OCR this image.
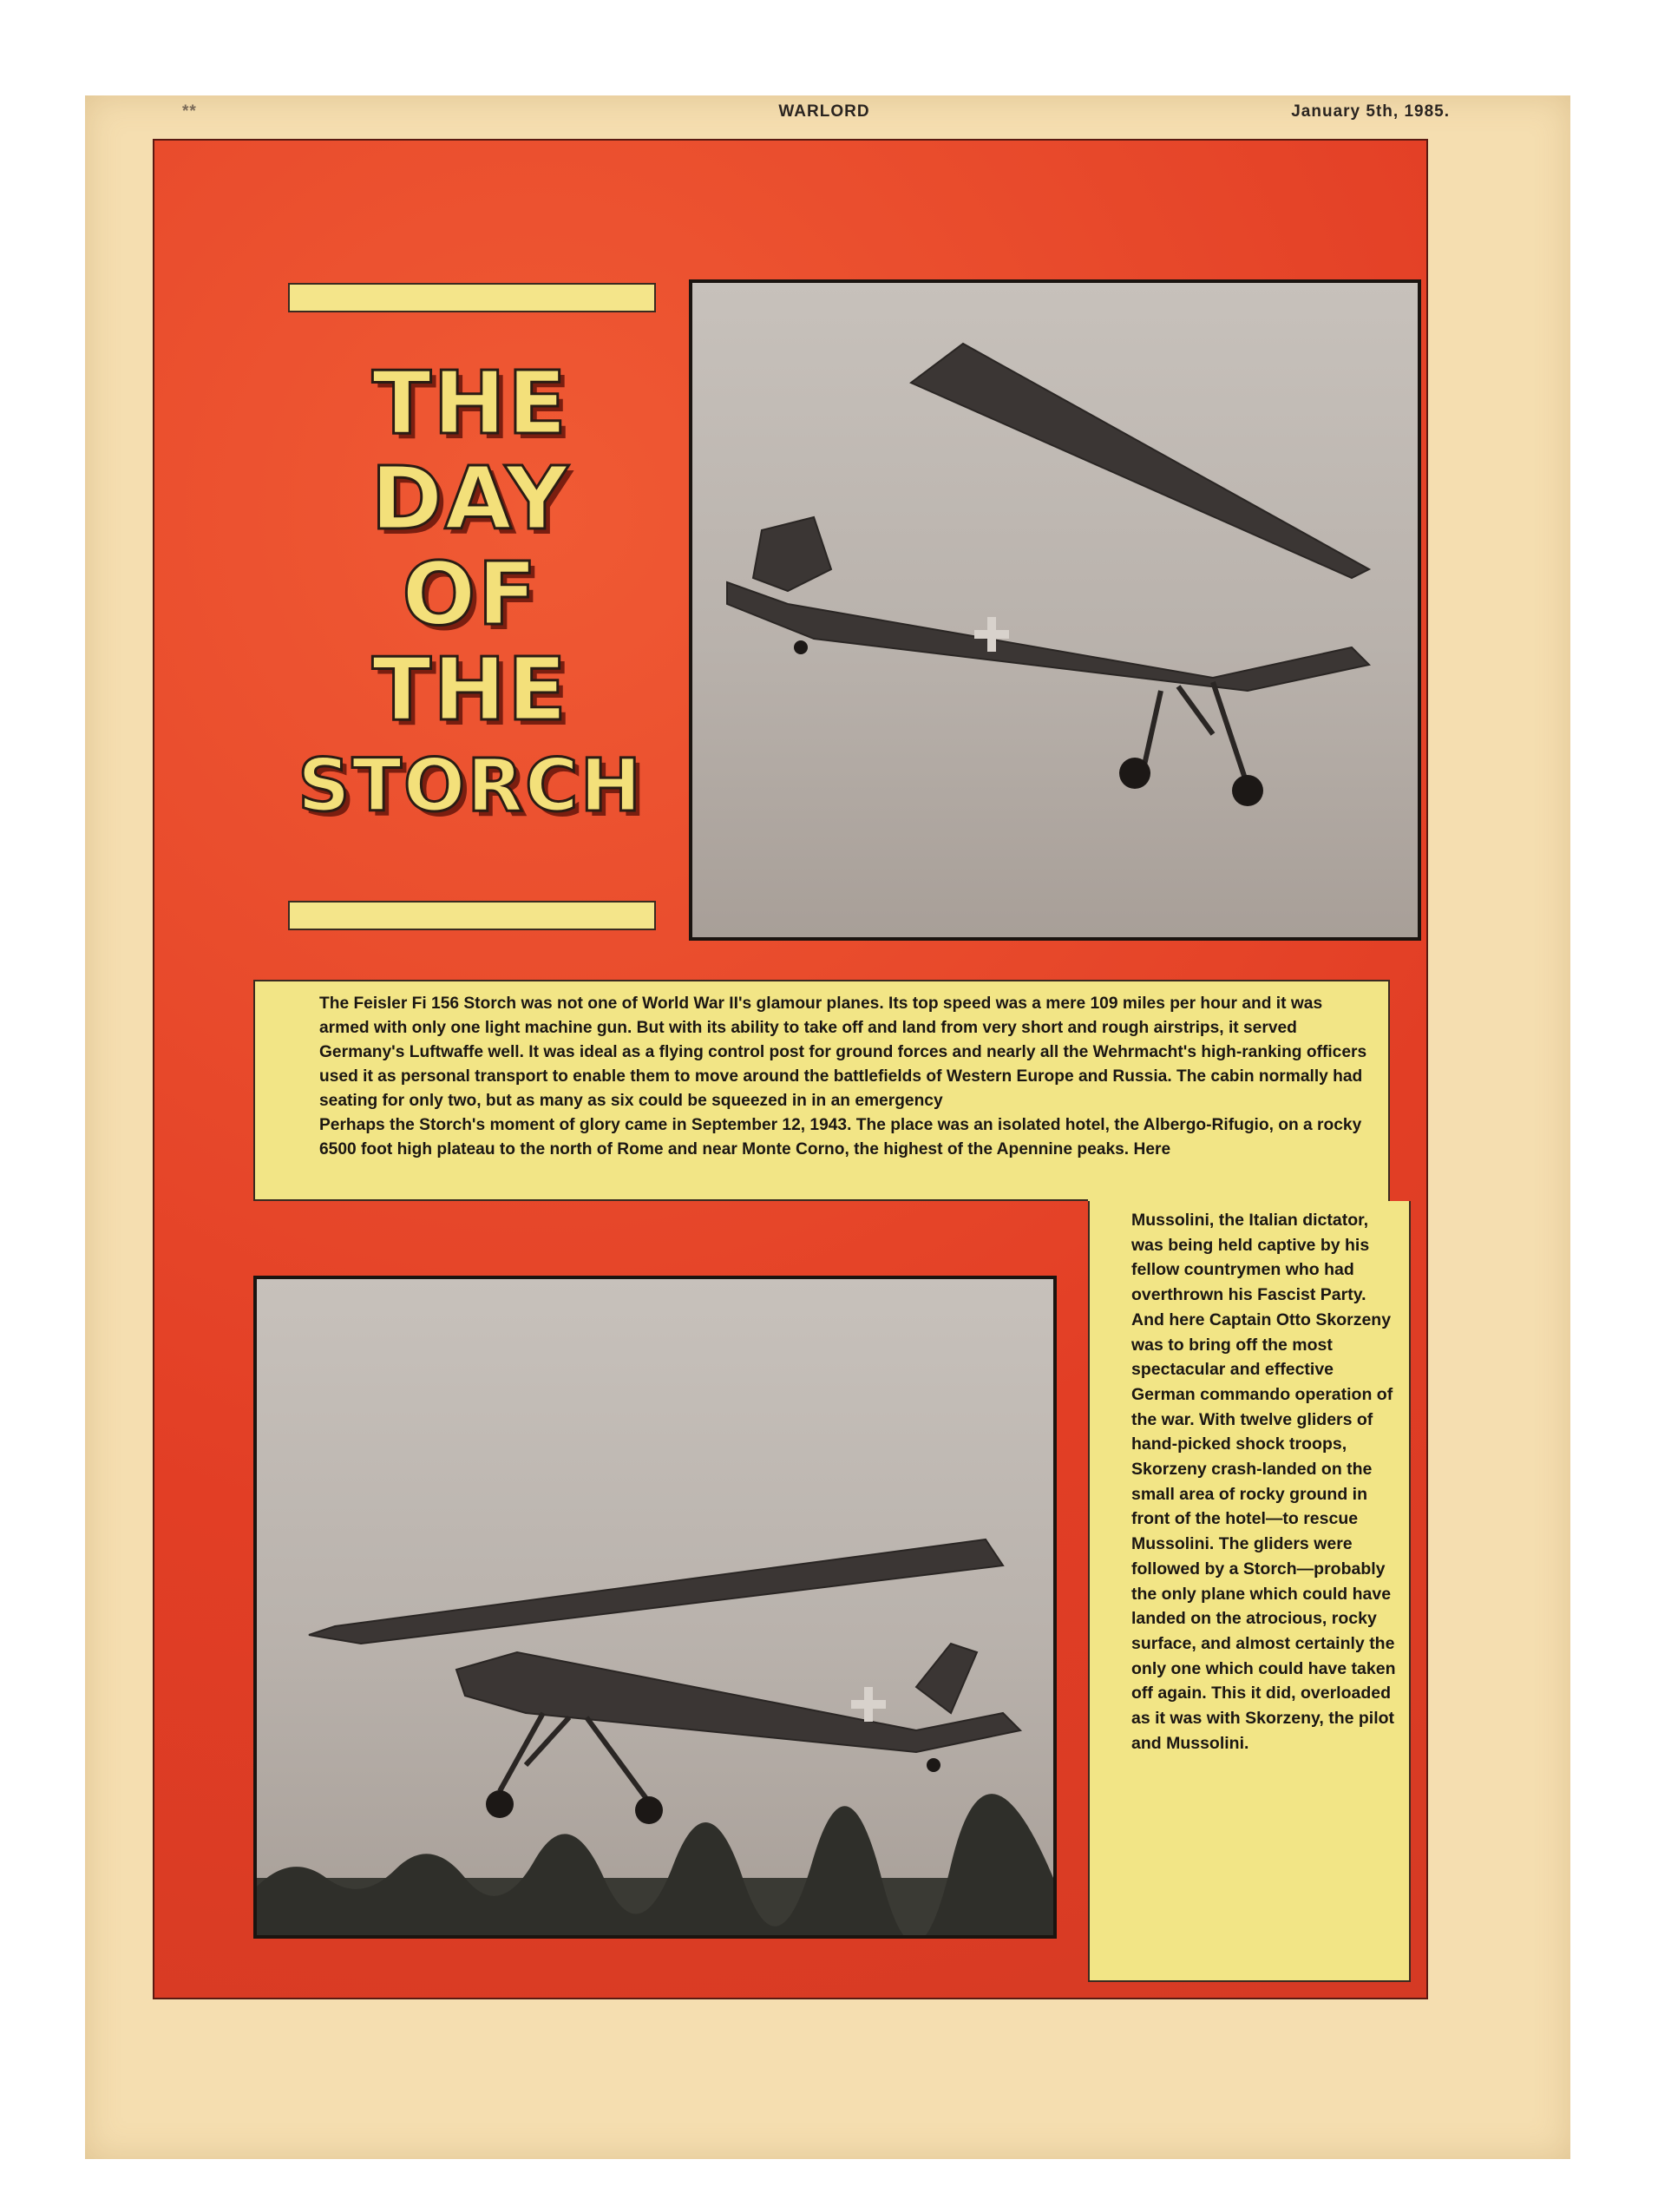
**	WARLORD	January 5th, 1985.
THE
DAY
OF
THE
STORCH

The Feisler Fi 156 Storch was not one of World War II's glamour planes. Its top speed was a mere 109 miles per hour and it was armed with only one light machine gun. But with its ability to take off and land from very short and rough airstrips, it served Germany's Luftwaffe well. It was ideal as a flying control post for ground forces and nearly all the Wehrmacht's high-ranking officers used it as personal transport to enable them to move around the battlefields of Western Europe and Russia. The cabin normally had seating for only two, but as many as six could be squeezed in in an emergency

Perhaps the Storch's moment of glory came in September 12, 1943. The place was an isolated hotel, the Albergo-Rifugio, on a rocky 6500 foot high plateau to the north of Rome and near Monte Corno, the highest of the Apennine peaks. Here

Mussolini, the Italian dictator, was being held captive by his fellow countrymen who had overthrown his Fascist Party. And here Captain Otto Skorzeny was to bring off the most spectacular and effective German commando operation of the war. With twelve gliders of hand-picked shock troops, Skorzeny crash-landed on the small area of rocky ground in front of the hotel—to rescue Mussolini. The gliders were followed by a Storch—probably the only plane which could have landed on the atrocious, rocky surface, and almost certainly the only one which could have taken off again. This it did, overloaded as it was with Skorzeny, the pilot and Mussolini.
